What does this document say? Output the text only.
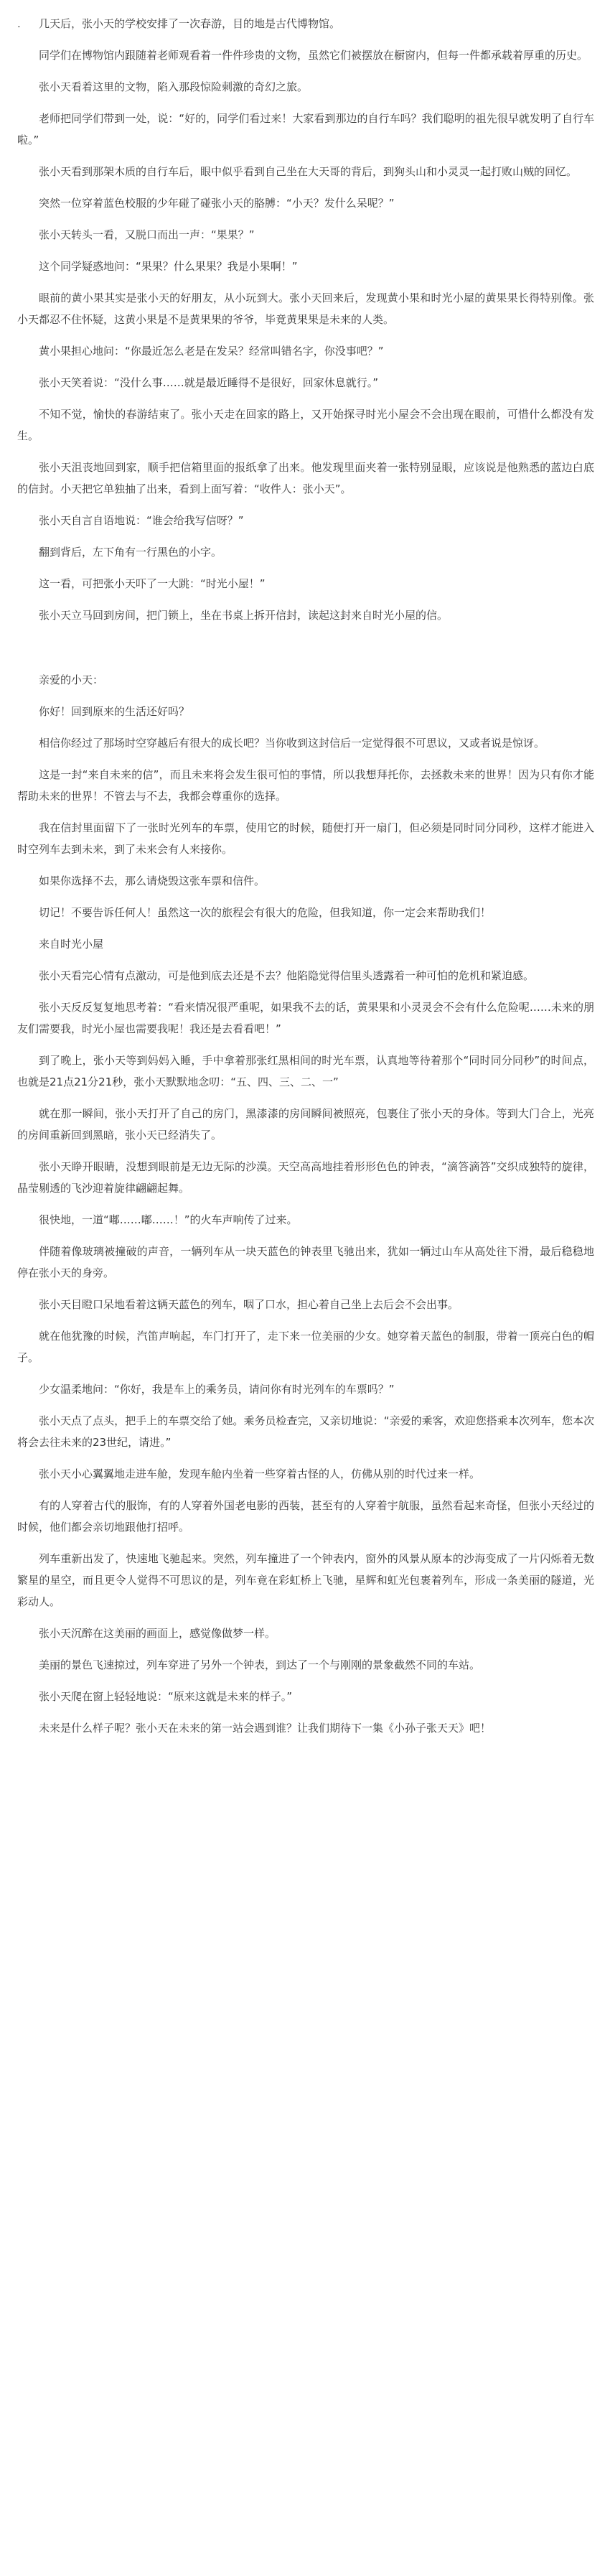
.	几天后，张小天的学校安排了一次春游，目的地是古代博物馆。

同学们在博物馆内跟随着老师观看着一件件珍贵的文物，虽然它们被摆放在橱窗内，但每一件都承载着厚重的历史。

张小天看着这里的文物，陷入那段惊险刺激的奇幻之旅。

老师把同学们带到一处，说：“好的，同学们看过来！大家看到那边的自行车吗？我们聪明的祖先很早就发明了自行车啦。”

张小天看到那架木质的自行车后，眼中似乎看到自己坐在大天哥的背后，到狗头山和小灵灵一起打败山贼的回忆。

突然一位穿着蓝色校服的少年碰了碰张小天的胳膊：“小天？发什么呆呢？”

张小天转头一看，又脱口而出一声：“果果？”

这个同学疑惑地问：“果果？什么果果？我是小果啊！”

眼前的黄小果其实是张小天的好朋友，从小玩到大。张小天回来后，发现黄小果和时光小屋的黄果果长得特别像。张小天都忍不住怀疑，这黄小果是不是黄果果的爷爷，毕竟黄果果是未来的人类。

黄小果担心地问：“你最近怎么老是在发呆？经常叫错名字，你没事吧？”

张小天笑着说：“没什么事……就是最近睡得不是很好，回家休息就行。”

不知不觉，愉快的春游结束了。张小天走在回家的路上，又开始探寻时光小屋会不会出现在眼前，可惜什么都没有发生。

张小天沮丧地回到家，顺手把信箱里面的报纸拿了出来。他发现里面夹着一张特别显眼，应该说是他熟悉的蓝边白底的信封。小天把它单独抽了出来，看到上面写着：“收件人：张小天”。

张小天自言自语地说：“谁会给我写信呀？”

翻到背后，左下角有一行黑色的小字。

这一看，可把张小天吓了一大跳：“时光小屋！”

张小天立马回到房间，把门锁上，坐在书桌上拆开信封，读起这封来自时光小屋的信。

亲爱的小天：

你好！回到原来的生活还好吗？

相信你经过了那场时空穿越后有很大的成长吧？当你收到这封信后一定觉得很不可思议，又或者说是惊讶。

这是一封“来自未来的信”，而且未来将会发生很可怕的事情，所以我想拜托你，去拯救未来的世界！因为只有你才能帮助未来的世界！不管去与不去，我都会尊重你的选择。

我在信封里面留下了一张时光列车的车票，使用它的时候，随便打开一扇门，但必须是同时同分同秒，这样才能进入时空列车去到未来，到了未来会有人来接你。

如果你选择不去，那么请烧毁这张车票和信件。

切记！不要告诉任何人！虽然这一次的旅程会有很大的危险，但我知道，你一定会来帮助我们！

来自时光小屋

张小天看完心情有点激动，可是他到底去还是不去？他陷隐觉得信里头透露着一种可怕的危机和紧迫感。

张小天反反复复地思考着：“看来情况很严重呢，如果我不去的话，黄果果和小灵灵会不会有什么危险呢……未来的朋友们需要我，时光小屋也需要我呢！我还是去看看吧！”

到了晚上，张小天等到妈妈入睡，手中拿着那张红黑相间的时光车票，认真地等待着那个“同时同分同秒”的时间点，也就是21点21分21秒，张小天默默地念叨：“五、四、三、二、一”

就在那一瞬间，张小天打开了自己的房门，黑漆漆的房间瞬间被照亮，包裹住了张小天的身体。等到大门合上，光亮的房间重新回到黑暗，张小天已经消失了。

张小天睁开眼睛，没想到眼前是无边无际的沙漠。天空高高地挂着形形色色的钟表，“滴答滴答”交织成独特的旋律，晶莹剔透的飞沙迎着旋律翩翩起舞。

很快地，一道“嘟……嘟……！”的火车声响传了过来。

伴随着像玻璃被撞破的声音，一辆列车从一块天蓝色的钟表里飞驰出来，犹如一辆过山车从高处往下滑，最后稳稳地停在张小天的身旁。

张小天目瞪口呆地看着这辆天蓝色的列车，咽了口水，担心着自己坐上去后会不会出事。

就在他犹豫的时候，汽笛声响起，车门打开了，走下来一位美丽的少女。她穿着天蓝色的制服，带着一顶亮白色的帽子。

少女温柔地问：“你好，我是车上的乘务员，请问你有时光列车的车票吗？”

张小天点了点头，把手上的车票交给了她。乘务员检查完，又亲切地说：“亲爱的乘客，欢迎您搭乘本次列车，您本次将会去往未来的23世纪，请进。”

张小天小心翼翼地走进车舱，发现车舱内坐着一些穿着古怪的人，仿佛从别的时代过来一样。

有的人穿着古代的服饰，有的人穿着外国老电影的西装，甚至有的人穿着宇航服，虽然看起来奇怪，但张小天经过的时候，他们都会亲切地跟他打招呼。

列车重新出发了，快速地飞驰起来。突然，列车撞进了一个钟表内，窗外的风景从原本的沙海变成了一片闪烁着无数繁星的星空，而且更令人觉得不可思议的是，列车竟在彩虹桥上飞驰，星辉和虹光包裹着列车，形成一条美丽的隧道，光彩动人。

张小天沉醉在这美丽的画面上，感觉像做梦一样。

美丽的景色飞速掠过，列车穿进了另外一个钟表，到达了一个与刚刚的景象截然不同的车站。

张小天爬在窗上轻轻地说：“原来这就是未来的样子。”

未来是什么样子呢？张小天在未来的第一站会遇到谁？让我们期待下一集《小孙子张天天》吧！
